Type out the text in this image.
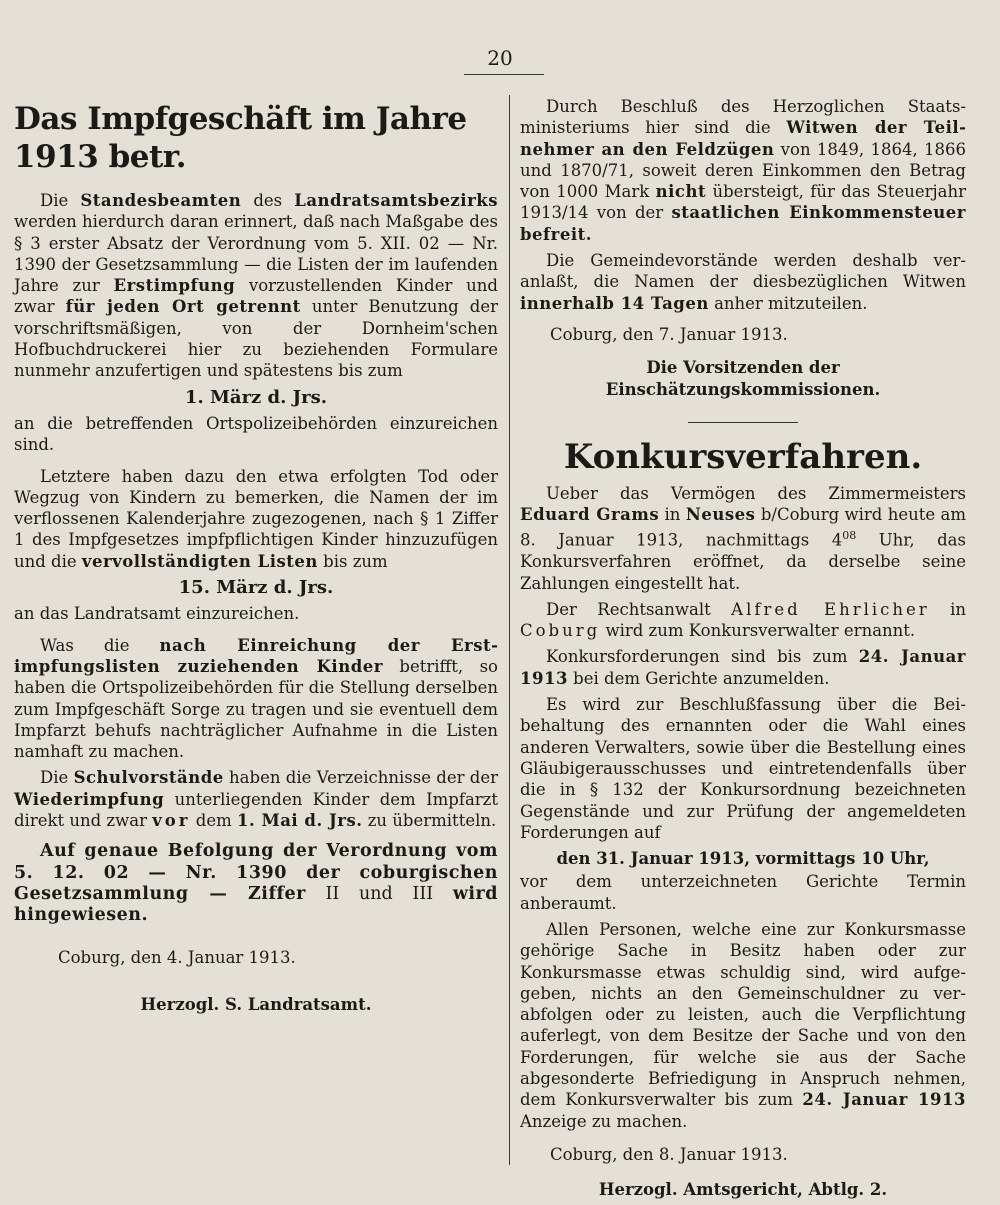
20
Das Impfgeschäft im Jahre 1913 betr.

Die Standesbeamten des Landratsamtsbezirks werden hierdurch daran erinnert, daß nach Maßgabe des § 3 erster Absatz der Verordnung vom 5. XII. 02 — Nr. 1390 der Gesetzsammlung — die Listen der im laufenden Jahre zur Erstimpfung vorzustellenden Kinder und zwar für jeden Ort getrennt unter Benutzung der vorschriftsmäßigen, von der Dornheim'schen Hofbuchdruckerei hier zu beziehenden Formulare nunmehr anzufertigen und spätestens bis zum

1. März d. Jrs.

an die betreffenden Ortspolizeibehörden einzureichen sind.

Letztere haben dazu den etwa erfolgten Tod oder Wegzug von Kindern zu bemerken, die Namen der im verflossenen Kalenderjahre zugezogenen, nach § 1 Ziffer 1 des Impfgesetzes impfpflichtigen Kinder hinzuzufügen und die vervollständigten Listen bis zum

15. März d. Jrs.

an das Landratsamt einzureichen.

Was die nach Einreichung der Erstimpfungslisten zuziehenden Kinder betrifft, so haben die Ortspolizeibehörden für die Stellung derselben zum Impfgeschäft Sorge zu tragen und sie eventuell dem Impfarzt behufs nachträglicher Aufnahme in die Listen namhaft zu machen.

Die Schulvorstände haben die Verzeichnisse der der Wiederimpfung unterliegenden Kinder dem Impfarzt direkt und zwar vor dem 1. Mai d. Jrs. zu übermitteln.

Auf genaue Befolgung der Verordnung vom 5. 12. 02 — Nr. 1390 der coburgischen Gesetzsammlung — Ziffer II und III wird hingewiesen.

Coburg, den 4. Januar 1913.

Herzogl. S. Landratsamt.

Durch Beschluß des Herzoglichen Staatsministeriums hier sind die Witwen der Teilnehmer an den Feldzügen von 1849, 1864, 1866 und 1870/71, soweit deren Einkommen den Betrag von 1000 Mark nicht übersteigt, für das Steuerjahr 1913/14 von der staatlichen Einkommensteuer befreit.

Die Gemeindevorstände werden deshalb veranlaßt, die Namen der diesbezüglichen Witwen innerhalb 14 Tagen anher mitzuteilen.

Coburg, den 7. Januar 1913.

Die Vorsitzenden der Einschätzungskommissionen.

Konkursverfahren.

Ueber das Vermögen des Zimmermeisters Eduard Grams in Neuses b/Coburg wird heute am 8. Januar 1913, nachmittags $4^{08}$ Uhr, das Konkursverfahren eröffnet, da derselbe seine Zahlungen eingestellt hat.

Der Rechtsanwalt Alfred Ehrlicher in Coburg wird zum Konkursverwalter ernannt.

Konkursforderungen sind bis zum 24. Januar 1913 bei dem Gerichte anzumelden.

Es wird zur Beschlußfassung über die Beibehaltung des ernannten oder die Wahl eines anderen Verwalters, sowie über die Bestellung eines Gläubigerausschusses und eintretendenfalls über die in § 132 der Konkursordnung bezeichneten Gegenstände und zur Prüfung der angemeldeten Forderungen auf

den 31. Januar 1913, vormittags 10 Uhr,

vor dem unterzeichneten Gerichte Termin anberaumt.

Allen Personen, welche eine zur Konkursmasse gehörige Sache in Besitz haben oder zur Konkursmasse etwas schuldig sind, wird aufgegeben, nichts an den Gemeinschuldner zu verabfolgen oder zu leisten, auch die Verpflichtung auferlegt, von dem Besitze der Sache und von den Forderungen, für welche sie aus der Sache abgesonderte Befriedigung in Anspruch nehmen, dem Konkursverwalter bis zum 24. Januar 1913 Anzeige zu machen.

Coburg, den 8. Januar 1913.

Herzogl. Amtsgericht, Abtlg. 2.
